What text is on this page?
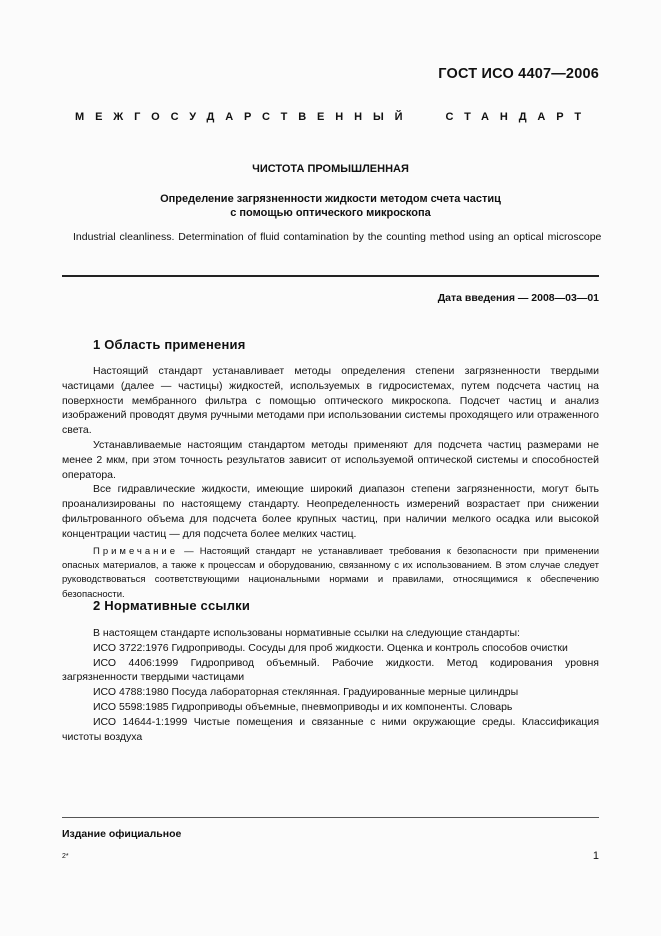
ГОСТ ИСО 4407—2006
МЕЖГОСУДАРСТВЕННЫЙ	СТАНДАРТ
ЧИСТОТА ПРОМЫШЛЕННАЯ
Определение загрязненности жидкости методом счета частиц
с помощью оптического микроскопа
Industrial cleanliness. Determination of fluid contamination by the counting method using an optical microscope
Дата введения — 2008—03—01
1 Область применения

Настоящий стандарт устанавливает методы определения степени загрязненности твердыми частицами (далее — частицы) жидкостей, используемых в гидросистемах, путем подсчета частиц на поверхности мембранного фильтра с помощью оптического микроскопа. Подсчет частиц и анализ изображений проводят двумя ручными методами при использовании системы проходящего или отраженного света.

Устанавливаемые настоящим стандартом методы применяют для подсчета частиц размерами не менее 2 мкм, при этом точность результатов зависит от используемой оптической системы и способностей оператора.

Все гидравлические жидкости, имеющие широкий диапазон степени загрязненности, могут быть проанализированы по настоящему стандарту. Неопределенность измерений возрастает при снижении фильтрованного объема для подсчета более крупных частиц, при наличии мелкого осадка или высокой концентрации частиц — для подсчета более мелких частиц.

Примечание — Настоящий стандарт не устанавливает требования к безопасности при применении опасных материалов, а также к процессам и оборудованию, связанному с их использованием. В этом случае следует руководствоваться соответствующими национальными нормами и правилами, относящимися к обеспечению безопасности.

2 Нормативные ссылки

В настоящем стандарте использованы нормативные ссылки на следующие стандарты:

ИСО 3722:1976 Гидроприводы. Сосуды для проб жидкости. Оценка и контроль способов очистки

ИСО 4406:1999 Гидропривод объемный. Рабочие жидкости. Метод кодирования уровня загрязненности твердыми частицами

ИСО 4788:1980 Посуда лабораторная стеклянная. Градуированные мерные цилиндры

ИСО 5598:1985 Гидроприводы объемные, пневмоприводы и их компоненты. Словарь

ИСО 14644-1:1999 Чистые помещения и связанные с ними окружающие среды. Классификация чистоты воздуха

Издание официальное
2*	1
